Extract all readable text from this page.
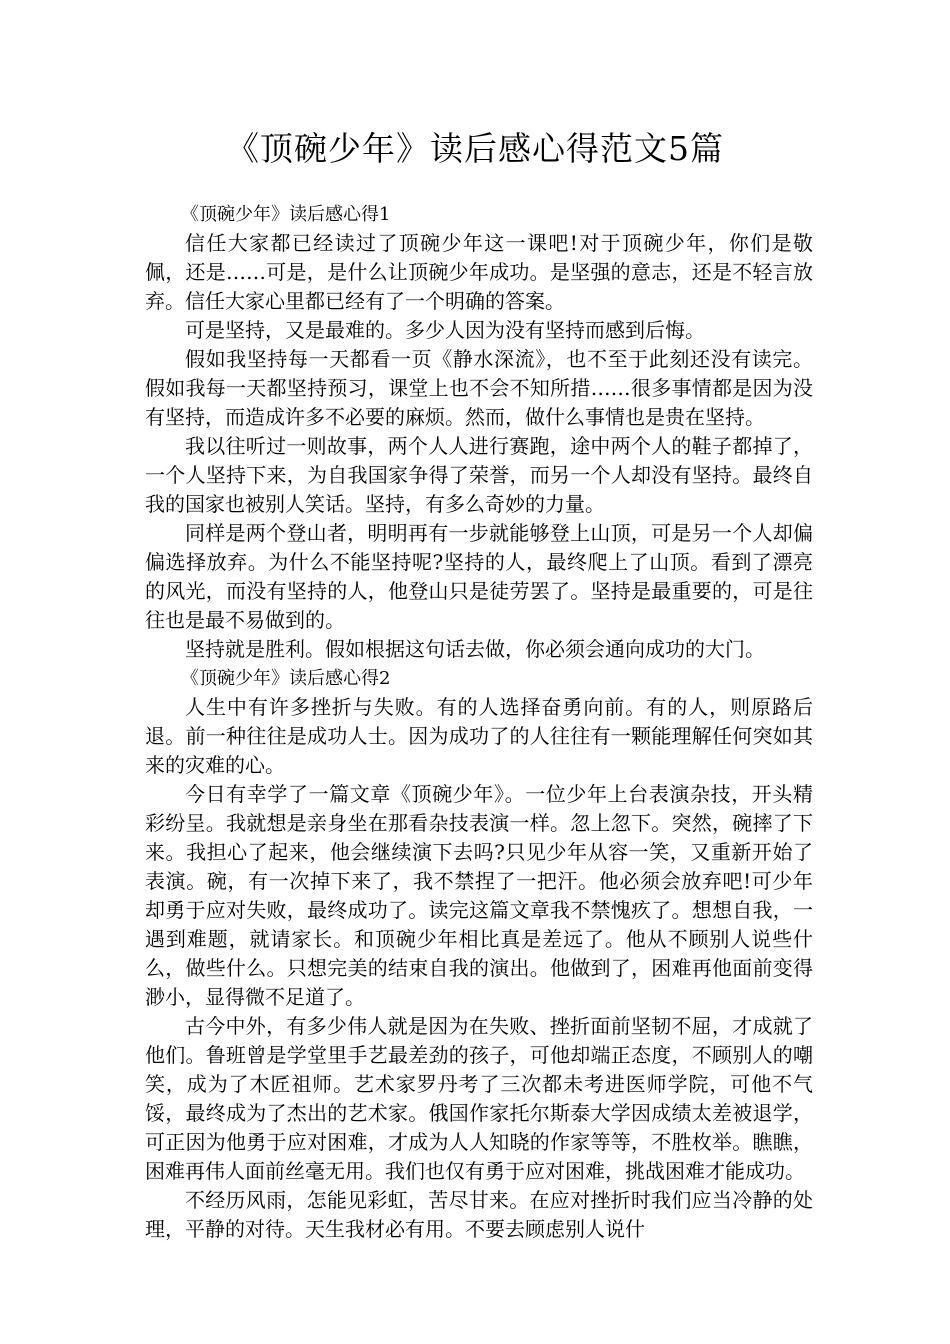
《顶碗少年》读后感心得范文5篇

《顶碗少年》读后感心得1

信任大家都已经读过了顶碗少年这一课吧!对于顶碗少年，你们是敬佩，还是……可是，是什么让顶碗少年成功。是坚强的意志，还是不轻言放弃。信任大家心里都已经有了一个明确的答案。

可是坚持，又是最难的。多少人因为没有坚持而感到后悔。

假如我坚持每一天都看一页《静水深流》，也不至于此刻还没有读完。假如我每一天都坚持预习，课堂上也不会不知所措……很多事情都是因为没有坚持，而造成许多不必要的麻烦。然而，做什么事情也是贵在坚持。

我以往听过一则故事，两个人人进行赛跑，途中两个人的鞋子都掉了，一个人坚持下来，为自我国家争得了荣誉，而另一个人却没有坚持。最终自我的国家也被别人笑话。坚持，有多么奇妙的力量。

同样是两个登山者，明明再有一步就能够登上山顶，可是另一个人却偏偏选择放弃。为什么不能坚持呢?坚持的人，最终爬上了山顶。看到了漂亮的风光，而没有坚持的人，他登山只是徒劳罢了。坚持是最重要的，可是往往也是最不易做到的。

坚持就是胜利。假如根据这句话去做，你必须会通向成功的大门。

《顶碗少年》读后感心得2

人生中有许多挫折与失败。有的人选择奋勇向前。有的人，则原路后退。前一种往往是成功人士。因为成功了的人往往有一颗能理解任何突如其来的灾难的心。

今日有幸学了一篇文章《顶碗少年》。一位少年上台表演杂技，开头精彩纷呈。我就想是亲身坐在那看杂技表演一样。忽上忽下。突然，碗摔了下来。我担心了起来，他会继续演下去吗?只见少年从容一笑，又重新开始了表演。碗，有一次掉下来了，我不禁捏了一把汗。他必须会放弃吧!可少年却勇于应对失败，最终成功了。读完这篇文章我不禁愧疚了。想想自我，一遇到难题，就请家长。和顶碗少年相比真是差远了。他从不顾别人说些什么，做些什么。只想完美的结束自我的演出。他做到了，困难再他面前变得渺小，显得微不足道了。

古今中外，有多少伟人就是因为在失败、挫折面前坚韧不屈，才成就了他们。鲁班曾是学堂里手艺最差劲的孩子，可他却端正态度，不顾别人的嘲笑，成为了木匠祖师。艺术家罗丹考了三次都未考进医师学院，可他不气馁，最终成为了杰出的艺术家。俄国作家托尔斯泰大学因成绩太差被退学，可正因为他勇于应对困难，才成为人人知晓的作家等等，不胜枚举。瞧瞧，困难再伟人面前丝毫无用。我们也仅有勇于应对困难，挑战困难才能成功。

不经历风雨，怎能见彩虹，苦尽甘来。在应对挫折时我们应当冷静的处理，平静的对待。天生我材必有用。不要去顾虑别人说什
